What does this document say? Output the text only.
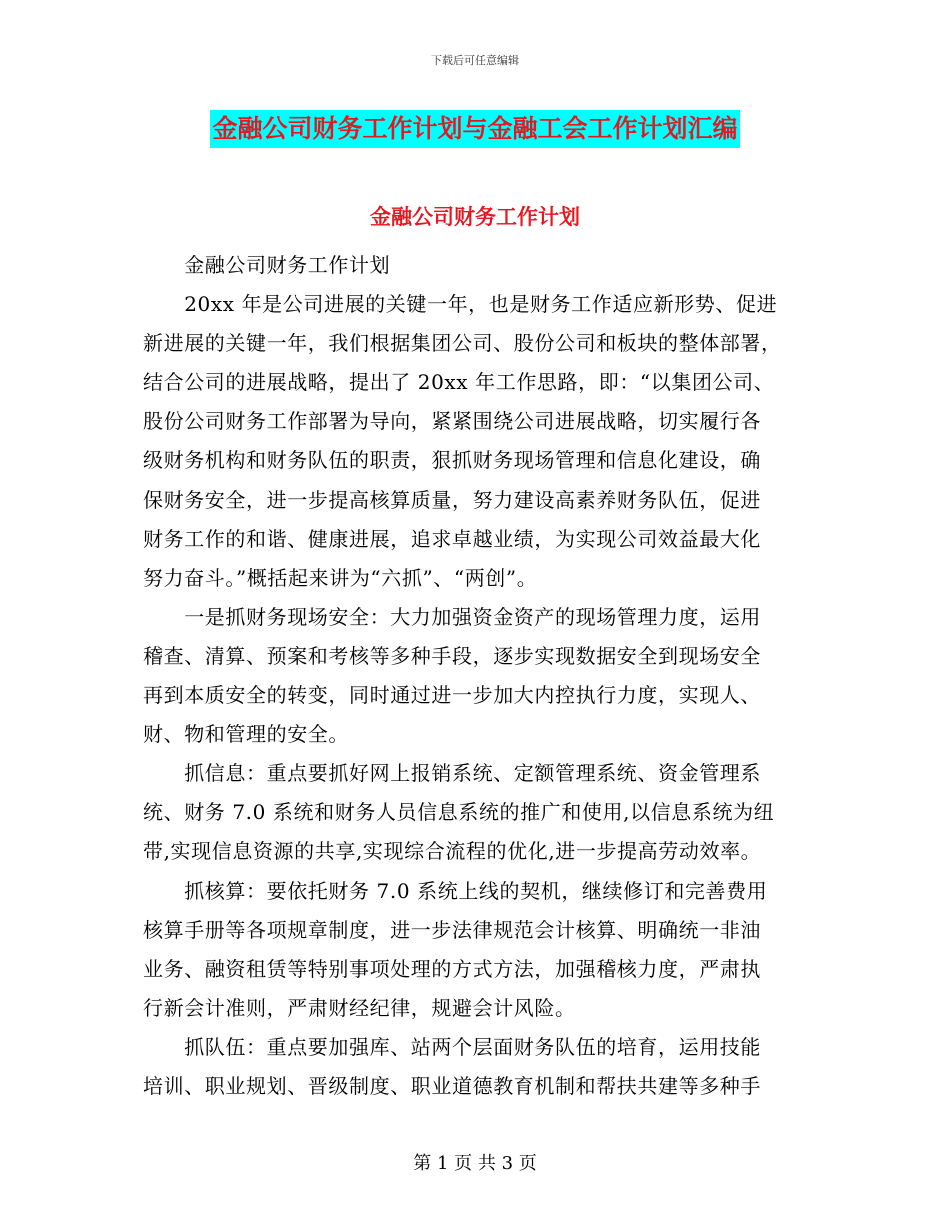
下载后可任意编辑
金融公司财务工作计划与金融工会工作计划汇编
金融公司财务工作计划
　　金融公司财务工作计划
　　20xx 年是公司进展的关键一年，也是财务工作适应新形势、促进
新进展的关键一年，我们根据集团公司、股份公司和板块的整体部署，
结合公司的进展战略，提出了 20xx 年工作思路，即：“以集团公司、
股份公司财务工作部署为导向，紧紧围绕公司进展战略，切实履行各
级财务机构和财务队伍的职责，狠抓财务现场管理和信息化建设，确
保财务安全，进一步提高核算质量，努力建设高素养财务队伍，促进
财务工作的和谐、健康进展，追求卓越业绩，为实现公司效益最大化
努力奋斗。”概括起来讲为“六抓”、“两创”。
　　一是抓财务现场安全：大力加强资金资产的现场管理力度，运用
稽查、清算、预案和考核等多种手段，逐步实现数据安全到现场安全
再到本质安全的转变，同时通过进一步加大内控执行力度，实现人、
财、物和管理的安全。
　　抓信息：重点要抓好网上报销系统、定额管理系统、资金管理系
统、财务 7.0 系统和财务人员信息系统的推广和使用,以信息系统为纽
带,实现信息资源的共享,实现综合流程的优化,进一步提高劳动效率。
　　抓核算：要依托财务 7.0 系统上线的契机，继续修订和完善费用
核算手册等各项规章制度，进一步法律规范会计核算、明确统一非油
业务、融资租赁等特别事项处理的方式方法，加强稽核力度，严肃执
行新会计准则，严肃财经纪律，规避会计风险。
　　抓队伍：重点要加强库、站两个层面财务队伍的培育，运用技能
培训、职业规划、晋级制度、职业道德教育机制和帮扶共建等多种手
第 1 页 共 3 页
